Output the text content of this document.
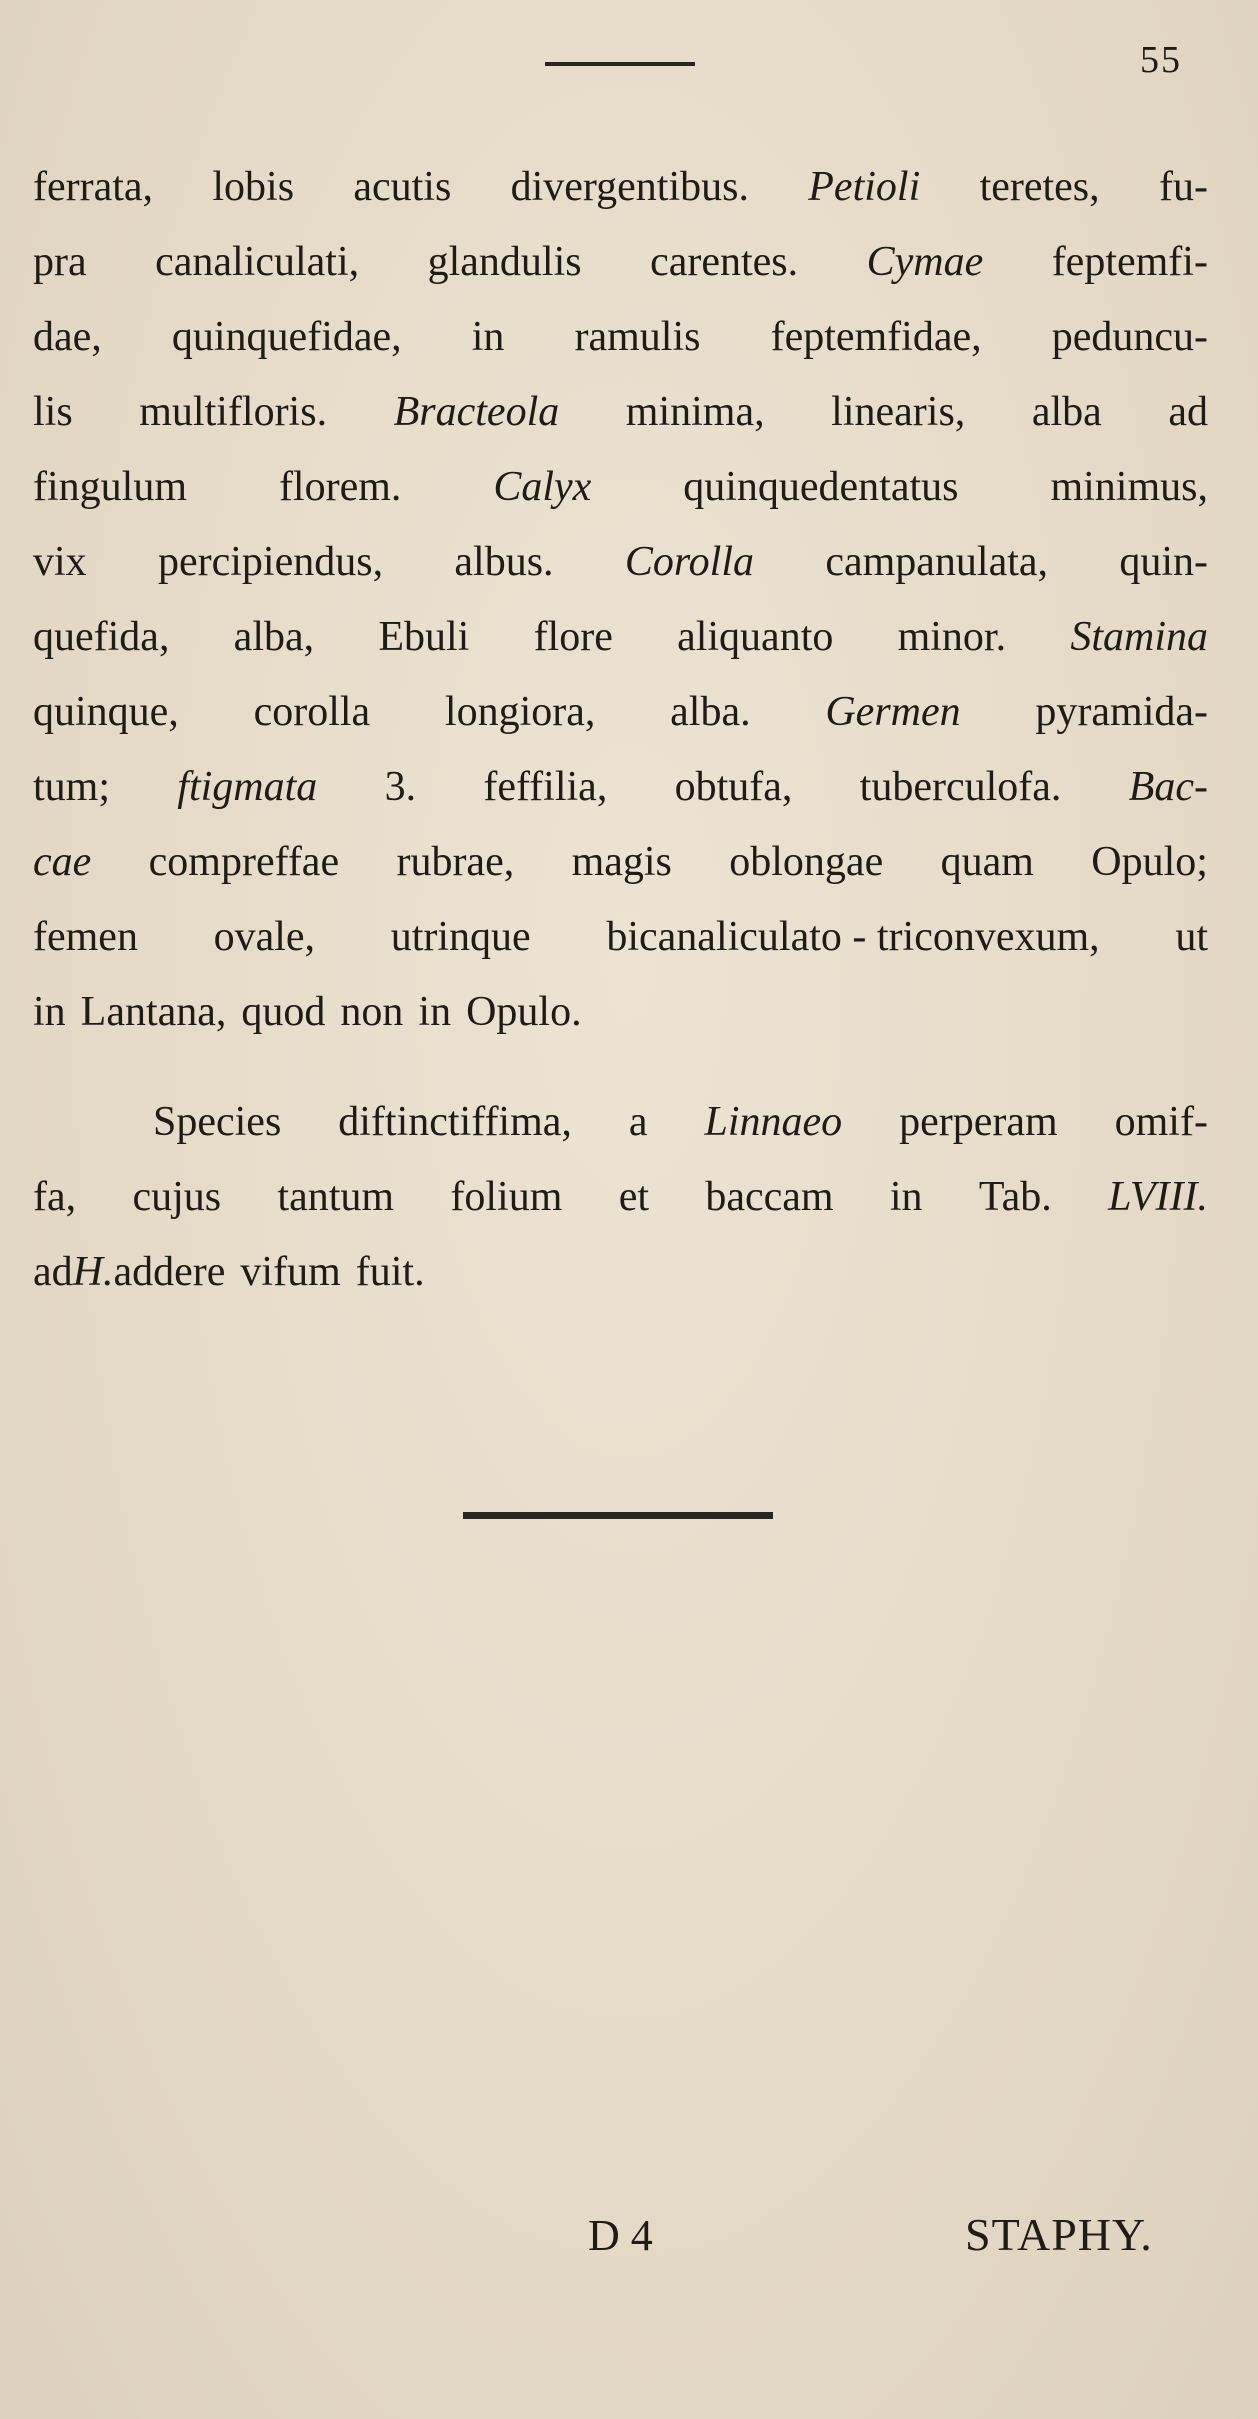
55
ferrata, lobis acutis divergentibus. Petioli teretes, fu-
pra canaliculati, glandulis carentes. Cymae feptemfi-
dae, quinquefidae, in ramulis feptemfidae, peduncu-
lis multifloris. Bracteola minima, linearis, alba ad
fingulum florem. Calyx quinquedentatus minimus,
vix percipiendus, albus. Corolla campanulata, quin-
quefida, alba, Ebuli flore aliquanto minor. Stamina
quinque, corolla longiora, alba. Germen pyramida-
tum; ftigmata 3. feffilia, obtufa, tuberculofa. Bac-
cae compreffae rubrae, magis oblongae quam Opulo;
femen ovale, utrinque bicanaliculato - triconvexum, ut
in Lantana, quod non in Opulo.
Species diftinctiffima, a Linnaeo perperam omif-
fa, cujus tantum folium et baccam in Tab. LVIII.
ad H. addere vifum fuit.
D 4	STAPHY.
